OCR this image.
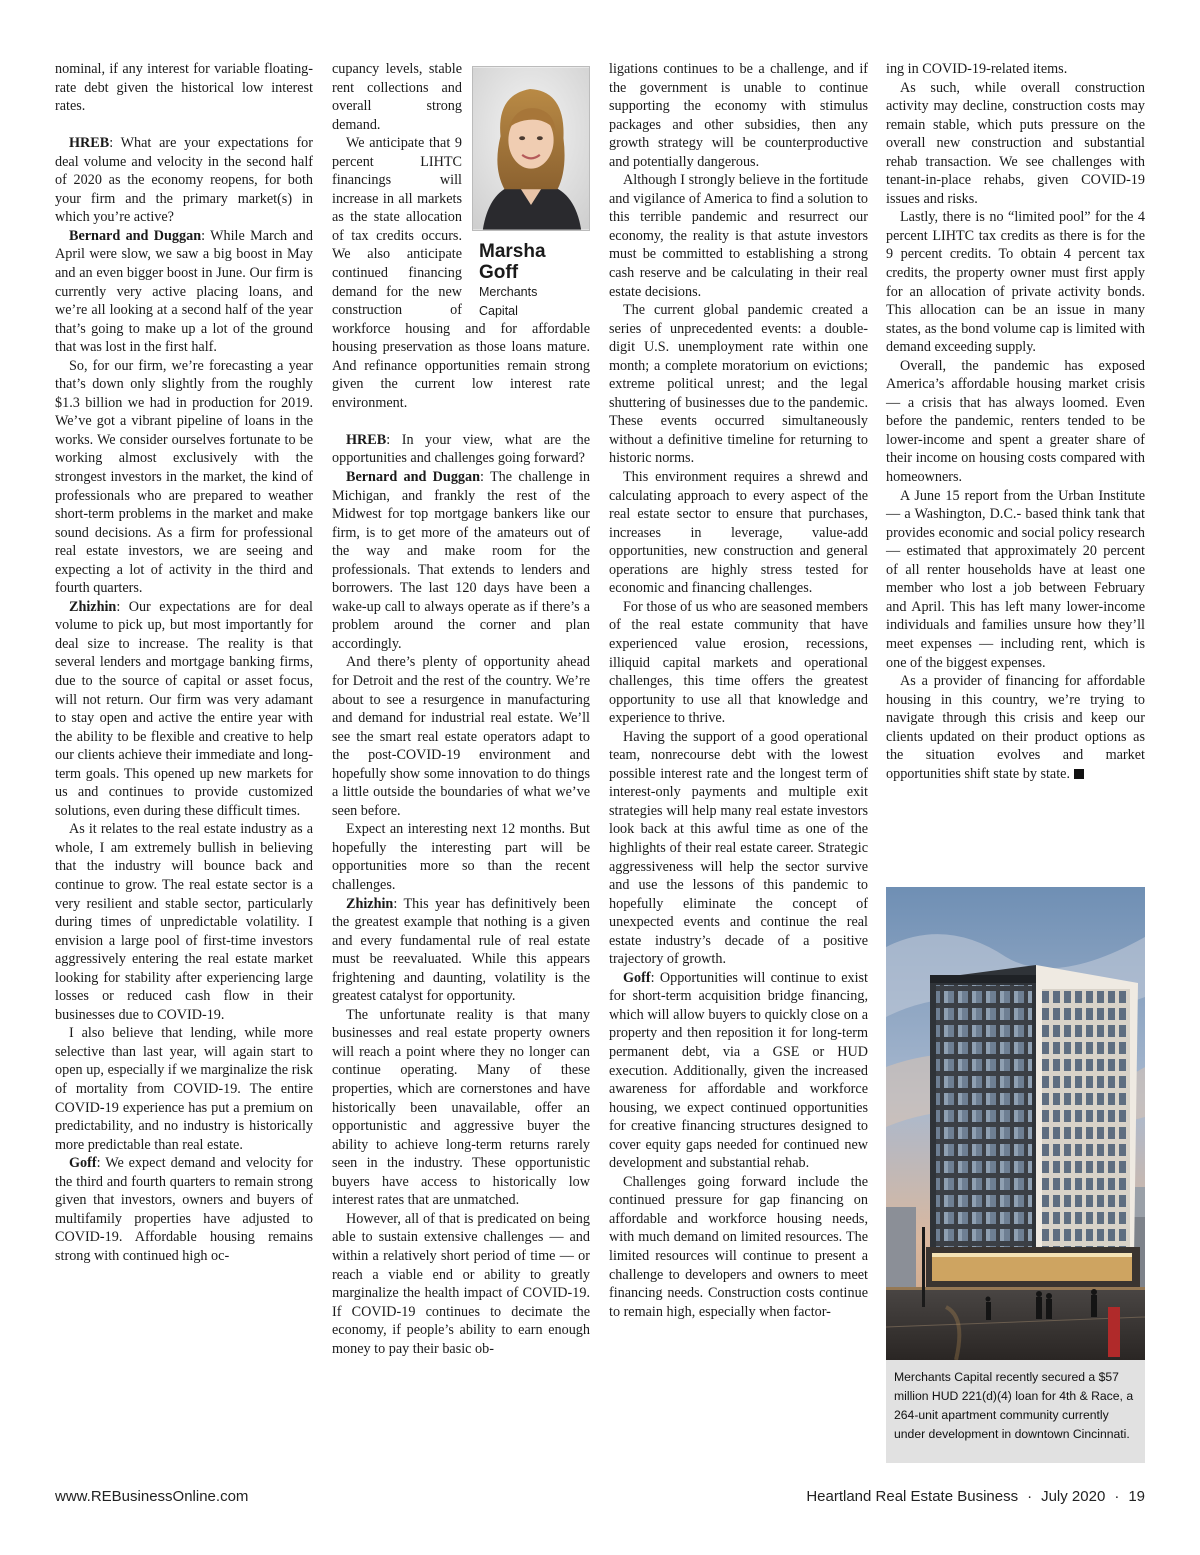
nominal, if any interest for variable floating-rate debt given the historical low interest rates.

HREB: What are your expectations for deal volume and velocity in the second half of 2020 as the economy reopens, for both your firm and the primary market(s) in which you’re active?

Bernard and Duggan: While March and April were slow, we saw a big boost in May and an even bigger boost in June. Our firm is currently very active placing loans, and we’re all looking at a second half of the year that’s going to make up a lot of the ground that was lost in the first half.

So, for our firm, we’re forecasting a year that’s down only slightly from the roughly $1.3 billion we had in production for 2019. We’ve got a vibrant pipeline of loans in the works. We consider ourselves fortunate to be working almost exclusively with the strongest investors in the market, the kind of professionals who are prepared to weather short-term problems in the market and make sound decisions. As a firm for professional real estate investors, we are seeing and expecting a lot of activity in the third and fourth quarters.

Zhizhin: Our expectations are for deal volume to pick up, but most importantly for deal size to increase. The reality is that several lenders and mortgage banking firms, due to the source of capital or asset focus, will not return. Our firm was very adamant to stay open and active the entire year with the ability to be flexible and creative to help our clients achieve their immediate and long-term goals. This opened up new markets for us and continues to provide customized solutions, even during these difficult times.

As it relates to the real estate industry as a whole, I am extremely bullish in believing that the industry will bounce back and continue to grow. The real estate sector is a very resilient and stable sector, particularly during times of unpredictable volatility. I envision a large pool of first-time investors aggressively entering the real estate market looking for stability after experiencing large losses or reduced cash flow in their businesses due to COVID-19.

I also believe that lending, while more selective than last year, will again start to open up, especially if we marginalize the risk of mortality from COVID-19. The entire COVID-19 experience has put a premium on predictability, and no industry is historically more predictable than real estate.

Goff: We expect demand and velocity for the third and fourth quarters to remain strong given that investors, owners and buyers of multifamily properties have adjusted to COVID-19. Affordable housing remains strong with continued high oc-

Marsha
Goff
Merchants
Capital

cupancy levels, stable rent collections and overall strong demand.

We anticipate that 9 percent LIHTC financings will increase in all markets as the state allocation of tax credits occurs. We also anticipate continued financing demand for the new construction of workforce housing and for affordable housing preservation as those loans mature. And refinance opportunities remain strong given the current low interest rate environment.

HREB: In your view, what are the opportunities and challenges going forward?

Bernard and Duggan: The challenge in Michigan, and frankly the rest of the Midwest for top mortgage bankers like our firm, is to get more of the amateurs out of the way and make room for the professionals. That extends to lenders and borrowers. The last 120 days have been a wake-up call to always operate as if there’s a problem around the corner and plan accordingly.

And there’s plenty of opportunity ahead for Detroit and the rest of the country. We’re about to see a resurgence in manufacturing and demand for industrial real estate. We’ll see the smart real estate operators adapt to the post-COVID-19 environment and hopefully show some innovation to do things a little outside the boundaries of what we’ve seen before.

Expect an interesting next 12 months. But hopefully the interesting part will be opportunities more so than the recent challenges.

Zhizhin: This year has definitively been the greatest example that nothing is a given and every fundamental rule of real estate must be reevaluated. While this appears frightening and daunting, volatility is the greatest catalyst for opportunity.

The unfortunate reality is that many businesses and real estate property owners will reach a point where they no longer can continue operating. Many of these properties, which are cornerstones and have historically been unavailable, offer an opportunistic and aggressive buyer the ability to achieve long-term returns rarely seen in the industry. These opportunistic buyers have access to historically low interest rates that are unmatched.

However, all of that is predicated on being able to sustain extensive challenges — and within a relatively short period of time — or reach a viable end or ability to greatly marginalize the health impact of COVID-19. If COVID-19 continues to decimate the economy, if people’s ability to earn enough money to pay their basic ob-

ligations continues to be a challenge, and if the government is unable to continue supporting the economy with stimulus packages and other subsidies, then any growth strategy will be counterproductive and potentially dangerous.

Although I strongly believe in the fortitude and vigilance of America to find a solution to this terrible pandemic and resurrect our economy, the reality is that astute investors must be committed to establishing a strong cash reserve and be calculating in their real estate decisions.

The current global pandemic created a series of unprecedented events: a double-digit U.S. unemployment rate within one month; a complete moratorium on evictions; extreme political unrest; and the legal shuttering of businesses due to the pandemic. These events occurred simultaneously without a definitive timeline for returning to historic norms.

This environment requires a shrewd and calculating approach to every aspect of the real estate sector to ensure that purchases, increases in leverage, value-add opportunities, new construction and general operations are highly stress tested for economic and financing challenges.

For those of us who are seasoned members of the real estate community that have experienced value erosion, recessions, illiquid capital markets and operational challenges, this time offers the greatest opportunity to use all that knowledge and experience to thrive.

Having the support of a good operational team, nonrecourse debt with the lowest possible interest rate and the longest term of interest-only payments and multiple exit strategies will help many real estate investors look back at this awful time as one of the highlights of their real estate career. Strategic aggressiveness will help the sector survive and use the lessons of this pandemic to hopefully eliminate the concept of unexpected events and continue the real estate industry’s decade of a positive trajectory of growth.

Goff: Opportunities will continue to exist for short-term acquisition bridge financing, which will allow buyers to quickly close on a property and then reposition it for long-term permanent debt, via a GSE or HUD execution. Additionally, given the increased awareness for affordable and workforce housing, we expect continued opportunities for creative financing structures designed to cover equity gaps needed for continued new development and substantial rehab.

Challenges going forward include the continued pressure for gap financing on affordable and workforce housing needs, with much demand on limited resources. The limited resources will continue to present a challenge to developers and owners to meet financing needs. Construction costs continue to remain high, especially when factor-

ing in COVID-19-related items.

As such, while overall construction activity may decline, construction costs may remain stable, which puts pressure on the overall new construction and substantial rehab transaction. We see challenges with tenant-in-place rehabs, given COVID-19 issues and risks.

Lastly, there is no “limited pool” for the 4 percent LIHTC tax credits as there is for the 9 percent credits. To obtain 4 percent tax credits, the property owner must first apply for an allocation of private activity bonds. This allocation can be an issue in many states, as the bond volume cap is limited with demand exceeding supply.

Overall, the pandemic has exposed America’s affordable housing market crisis — a crisis that has always loomed. Even before the pandemic, renters tended to be lower-income and spent a greater share of their income on housing costs compared with homeowners.

A June 15 report from the Urban Institute — a Washington, D.C.- based think tank that provides economic and social policy research — estimated that approximately 20 percent of all renter households have at least one member who lost a job between February and April. This has left many lower-income individuals and families unsure how they’ll meet expenses — including rent, which is one of the biggest expenses.

As a provider of financing for affordable housing in this country, we’re trying to navigate through this crisis and keep our clients updated on their product options as the situation evolves and market opportunities shift state by state.

Merchants Capital recently secured a $57 million HUD 221(d)(4) loan for 4th & Race, a 264-unit apartment community currently under development in downtown Cincinnati.
www.REBusinessOnline.com	Heartland Real Estate Business · July 2020 · 19
